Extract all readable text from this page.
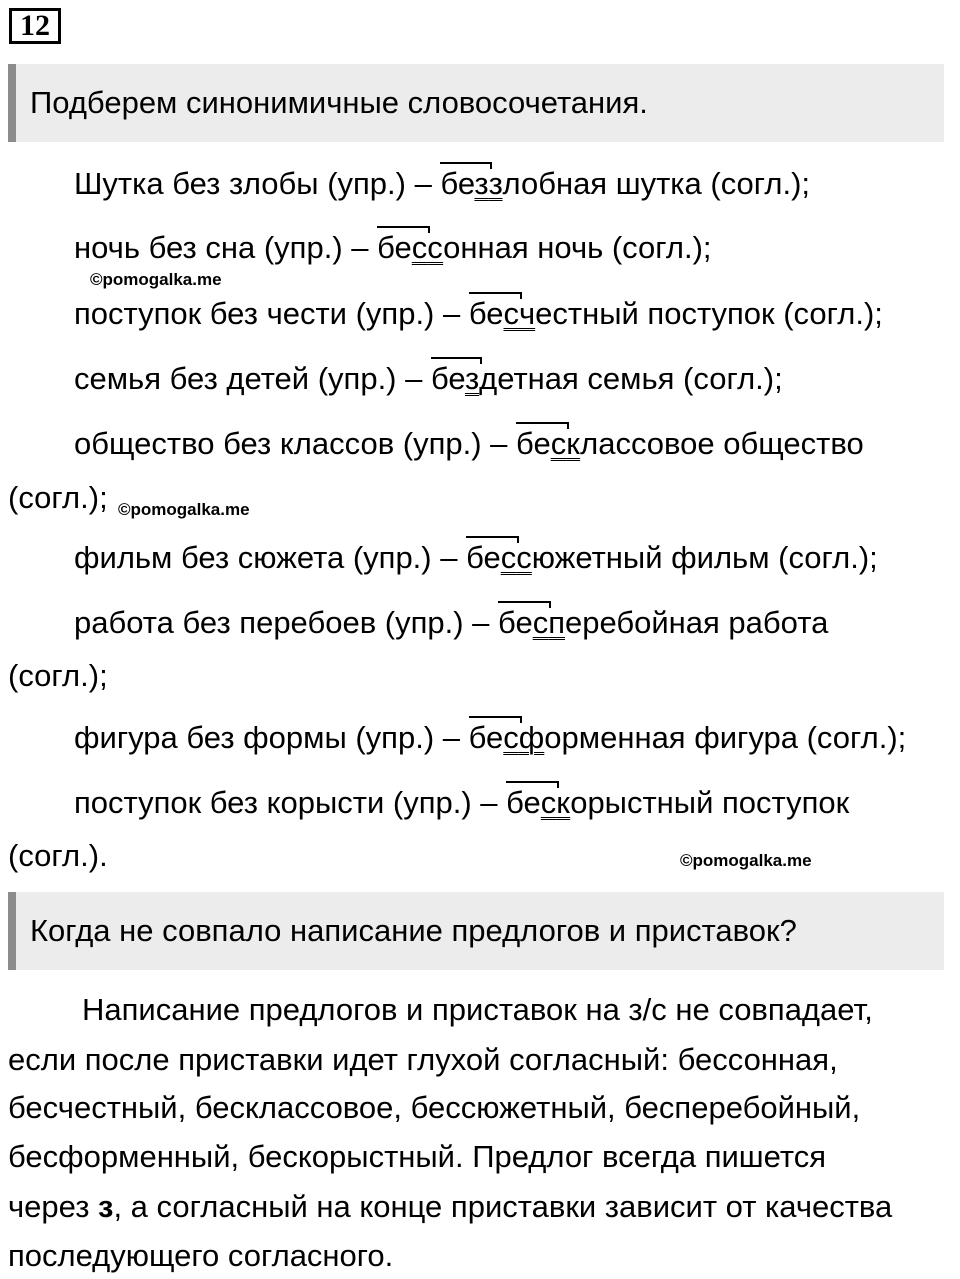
12
Подберем синонимичные словосочетания.
Шутка без злобы (упр.) – беззлобная шутка (согл.);
ночь без сна (упр.) – бессонная ночь (согл.);
©pomogalka.me
поступок без чести (упр.) – бесчестный поступок (согл.);
семья без детей (упр.) – бездетная семья (согл.);
общество без классов (упр.) – бесклассовое общество
(согл.); ©pomogalka.me
фильм без сюжета (упр.) – бессюжетный фильм (согл.);
работа без перебоев (упр.) – бесперебойная работа
(согл.);
фигура без формы (упр.) – бесформенная фигура (согл.);
поступок без корысти (упр.) – бескорыстный поступок
(согл.).	©pomogalka.me
Когда не совпало написание предлогов и приставок?
Написание предлогов и приставок на з/с не совпадает,
если после приставки идет глухой согласный: бессонная,
бесчестный, бесклассовое, бессюжетный, бесперебойный,
бесформенный, бескорыстный. Предлог всегда пишется
через з, а согласный на конце приставки зависит от качества
последующего согласного.
